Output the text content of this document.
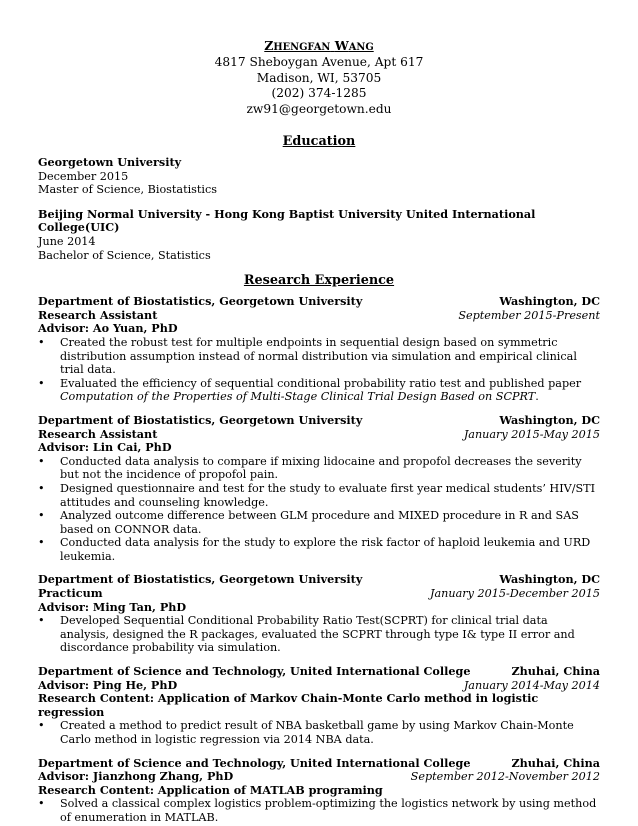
ZHENGFAN WANG
4817 Sheboygan Avenue, Apt 617
Madison, WI, 53705
(202) 374-1285
zw91@georgetown.edu
Education
Georgetown University
December 2015
Master of Science, Biostatistics
Beijing Normal University - Hong Kong Baptist University United International College(UIC)
June 2014
Bachelor of Science, Statistics
Research Experience
Department of Biostatistics, Georgetown University	Washington, DC
Research Assistant	September 2015-Present
Advisor: Ao Yuan, PhD
• Created the robust test for multiple endpoints in sequential design based on symmetric distribution assumption instead of normal distribution via simulation and empirical clinical trial data.
• Evaluated the efficiency of sequential conditional probability ratio test and published paper Computation of the Properties of Multi-Stage Clinical Trial Design Based on SCPRT.
Department of Biostatistics, Georgetown University	Washington, DC
Research Assistant	January 2015-May 2015
Advisor: Lin Cai, PhD
• Conducted data analysis to compare if mixing lidocaine and propofol decreases the severity but not the incidence of propofol pain.
• Designed questionnaire and test for the study to evaluate first year medical students’ HIV/STI attitudes and counseling knowledge.
• Analyzed outcome difference between GLM procedure and MIXED procedure in R and SAS based on CONNOR data.
• Conducted data analysis for the study to explore the risk factor of haploid leukemia and URD leukemia.
Department of Biostatistics, Georgetown University	Washington, DC
Practicum	January 2015-December 2015
Advisor: Ming Tan, PhD
• Developed Sequential Conditional Probability Ratio Test(SCPRT) for clinical trial data analysis, designed the R packages, evaluated the SCPRT through type I& type II error and discordance probability via simulation.
Department of Science and Technology, United International College	Zhuhai, China
Advisor: Ping He, PhD	January 2014-May 2014
Research Content: Application of Markov Chain-Monte Carlo method in logistic regression
• Created a method to predict result of NBA basketball game by using Markov Chain-Monte Carlo method in logistic regression via 2014 NBA data.
Department of Science and Technology, United International College	Zhuhai, China
Advisor: Jianzhong Zhang, PhD	September 2012-November 2012
Research Content: Application of MATLAB programing
• Solved a classical complex logistics problem-optimizing the logistics network by using method of enumeration in MATLAB.
